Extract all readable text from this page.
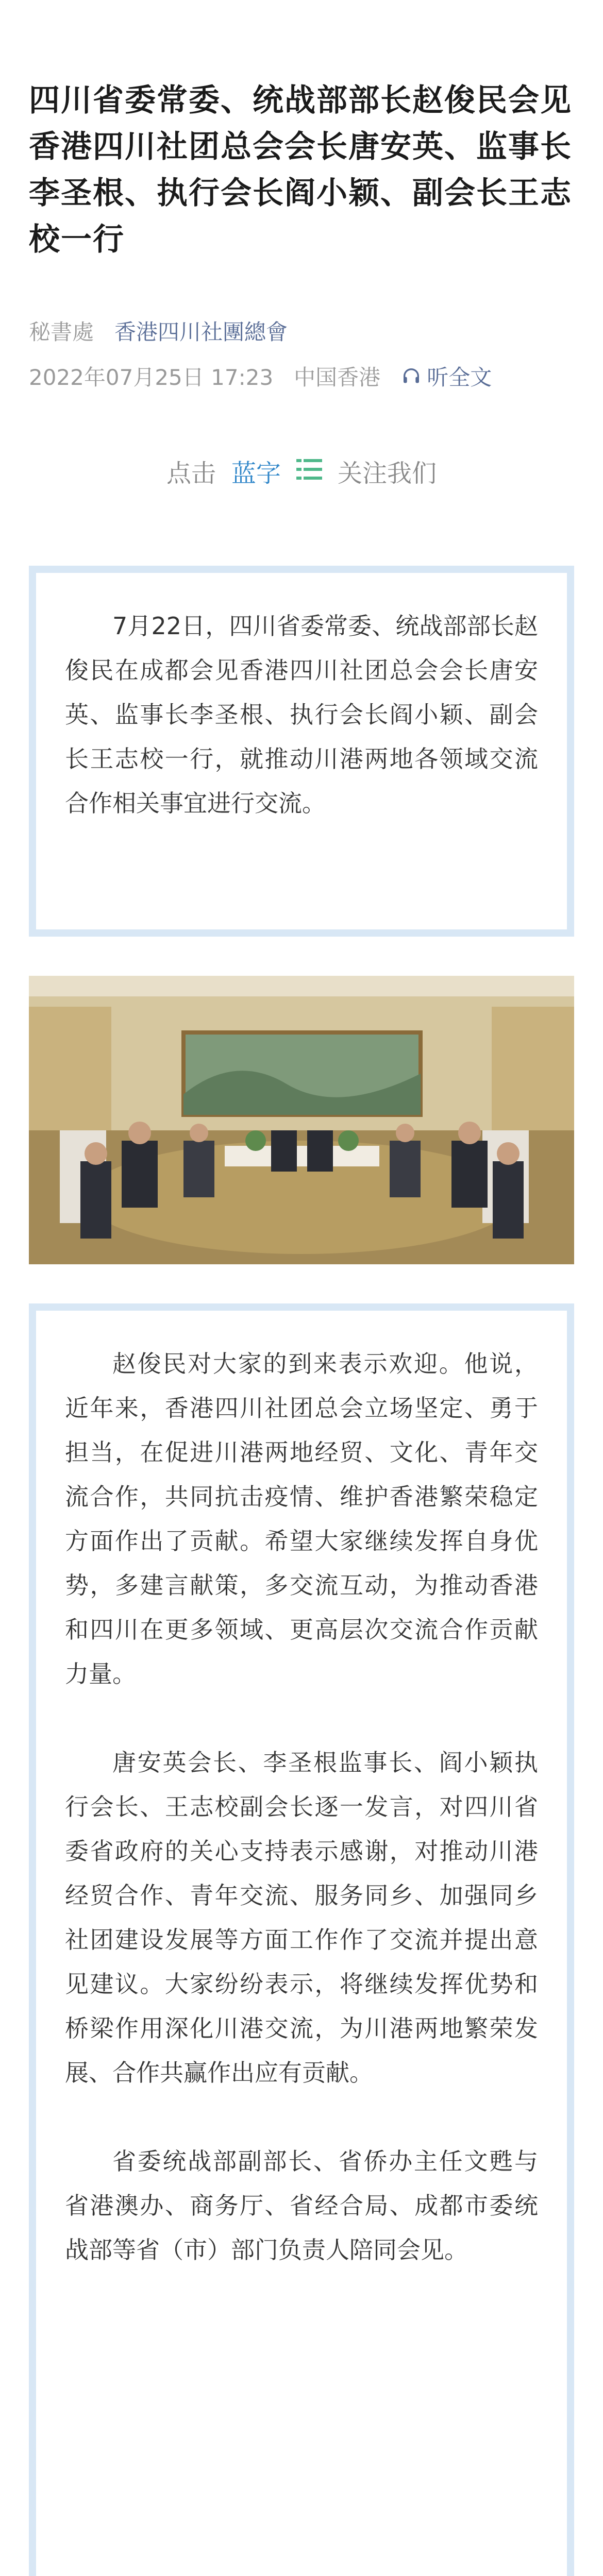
四川省委常委、统战部部长赵俊民会见香港四川社团总会会长唐安英、监事长李圣根、执行会长阎小颖、副会长王志校一行
秘書處 香港四川社團總會
2022年07月25日 17:23 中国香港 听全文
点击 蓝字 关注我们

7月22日，四川省委常委、统战部部长赵俊民在成都会见香港四川社团总会会长唐安英、监事长李圣根、执行会长阎小颖、副会长王志校一行，就推动川港两地各领域交流合作相关事宜进行交流。

赵俊民对大家的到来表示欢迎。他说，近年来，香港四川社团总会立场坚定、勇于担当，在促进川港两地经贸、文化、青年交流合作，共同抗击疫情、维护香港繁荣稳定方面作出了贡献。希望大家继续发挥自身优势，多建言献策，多交流互动，为推动香港和四川在更多领域、更高层次交流合作贡献力量。

唐安英会长、李圣根监事长、阎小颖执行会长、王志校副会长逐一发言，对四川省委省政府的关心支持表示感谢，对推动川港经贸合作、青年交流、服务同乡、加强同乡社团建设发展等方面工作作了交流并提出意见建议。大家纷纷表示，将继续发挥优势和桥梁作用深化川港交流，为川港两地繁荣发展、合作共赢作出应有贡献。

省委统战部副部长、省侨办主任文甦与省港澳办、商务厅、省经合局、成都市委统战部等省（市）部门负责人陪同会见。
